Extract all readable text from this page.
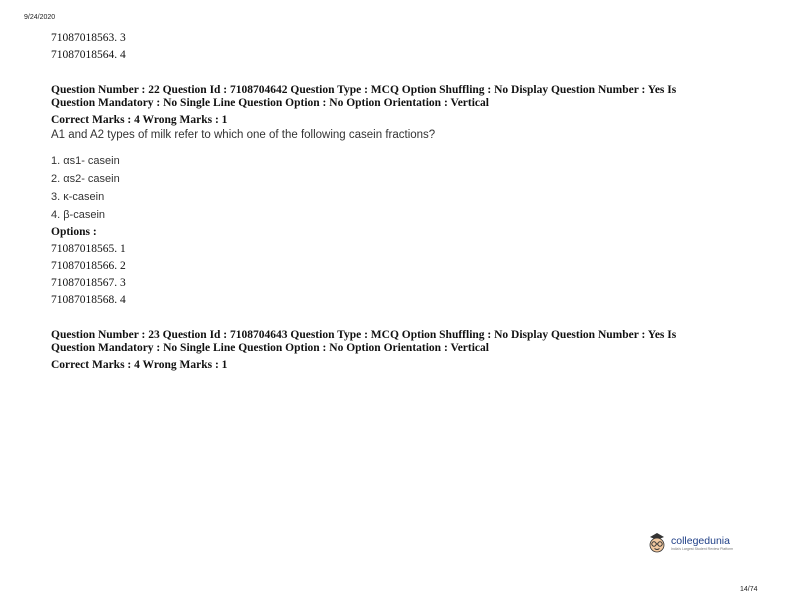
9/24/2020
71087018563. 3
71087018564. 4
Question Number : 22 Question Id : 7108704642 Question Type : MCQ Option Shuffling : No Display Question Number : Yes Is
Question Mandatory : No Single Line Question Option : No Option Orientation : Vertical
Correct Marks : 4 Wrong Marks : 1
A1 and A2 types of milk refer to which one of the following casein fractions?
1. αs1- casein
2. αs2- casein
3. κ-casein
4. β-casein
Options :
71087018565. 1
71087018566. 2
71087018567. 3
71087018568. 4
Question Number : 23 Question Id : 7108704643 Question Type : MCQ Option Shuffling : No Display Question Number : Yes Is
Question Mandatory : No Single Line Question Option : No Option Orientation : Vertical
Correct Marks : 4 Wrong Marks : 1
collegedunia
India's Largest Student Review Platform
14/74
